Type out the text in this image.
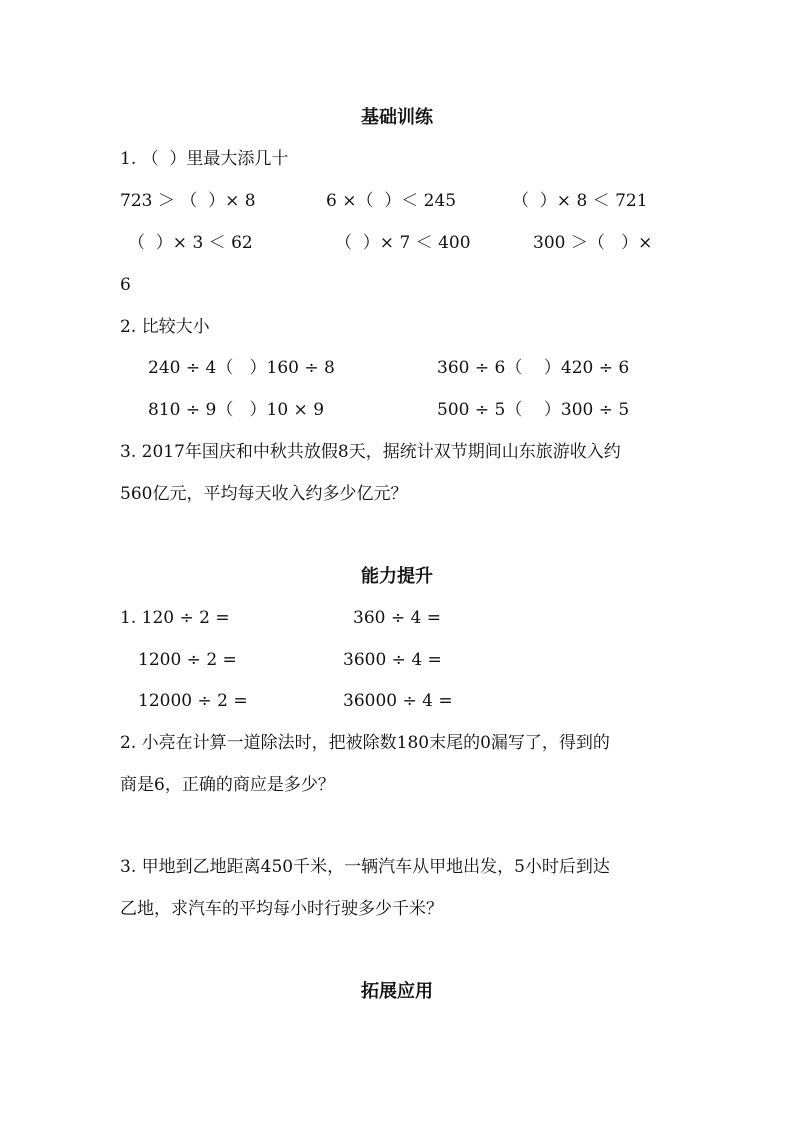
基础训练
1. （  ）里最大添几十
723 ＞ （  ）× 8	6 ×（  ）＜ 245	（  ）× 8 ＜ 721
（  ）× 3 ＜ 62	（  ）× 7 ＜ 400	300 ＞（   ）×
6
2. 比较大小
240 ÷ 4（   ）160 ÷ 8	360 ÷ 6（    ）420 ÷ 6
810 ÷ 9（   ）10 × 9	500 ÷ 5（    ）300 ÷ 5
3. 2017年国庆和中秋共放假8天，据统计双节期间山东旅游收入约
560亿元，平均每天收入约多少亿元？
能力提升
1. 120 ÷ 2 =	360 ÷ 4 =
1200 ÷ 2 =	3600 ÷ 4 =
12000 ÷ 2 =	36000 ÷ 4 =
2. 小亮在计算一道除法时，把被除数180末尾的0漏写了，得到的
商是6，正确的商应是多少？
3. 甲地到乙地距离450千米，一辆汽车从甲地出发，5小时后到达
乙地，求汽车的平均每小时行驶多少千米？
拓展应用
